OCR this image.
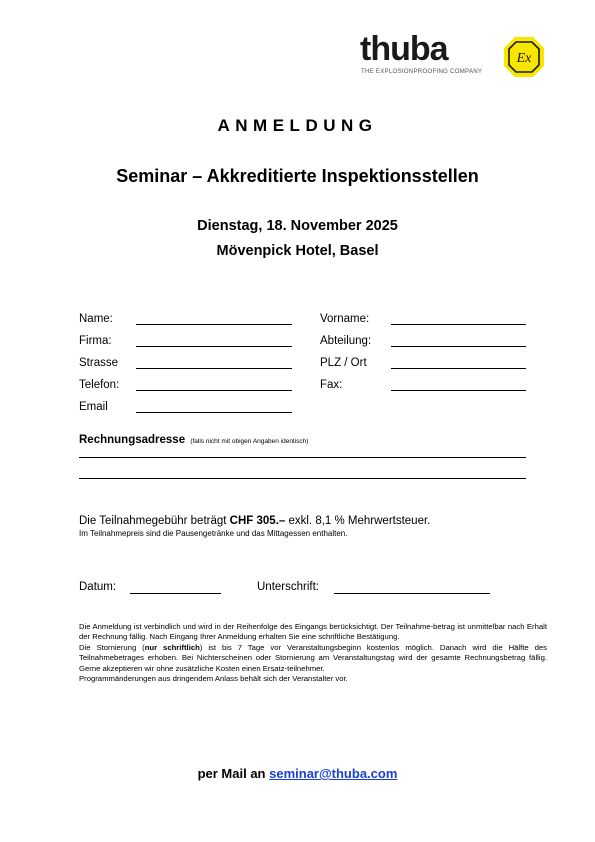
thuba
THE EXPLOSIONPROOFING COMPANY
Ex
ANMELDUNG
Seminar – Akkreditierte Inspektionsstellen
Dienstag, 18. November 2025
Mövenpick Hotel, Basel
Name:
Firma:
Strasse
Telefon:
Email
Vorname:
Abteilung:
PLZ / Ort
Fax:
Rechnungsadresse (falls nicht mit obigen Angaben identisch)
Die Teilnahmegebühr beträgt CHF 305.– exkl. 8,1 % Mehrwertsteuer.
Im Teilnahmepreis sind die Pausengetränke und das Mittagessen enthalten.
Datum:	Unterschrift:

Die Anmeldung ist verbindlich und wird in der Reihenfolge des Eingangs berücksichtigt. Der Teilnahme-betrag ist unmittelbar nach Erhalt der Rechnung fällig. Nach Eingang Ihrer Anmeldung erhalten Sie eine schriftliche Bestätigung.

Die Stornierung (nur schriftlich) ist bis 7 Tage vor Veranstaltungsbeginn kostenlos möglich. Danach wird die Hälfte des Teilnahmebetrages erhoben. Bei Nichterscheinen oder Stornierung am Veranstaltungstag wird der gesamte Rechnungsbetrag fällig. Gerne akzeptieren wir ohne zusätzliche Kosten einen Ersatz-teilnehmer.

Programmänderungen aus dringendem Anlass behält sich der Veranstalter vor.

per Mail an seminar@thuba.com
